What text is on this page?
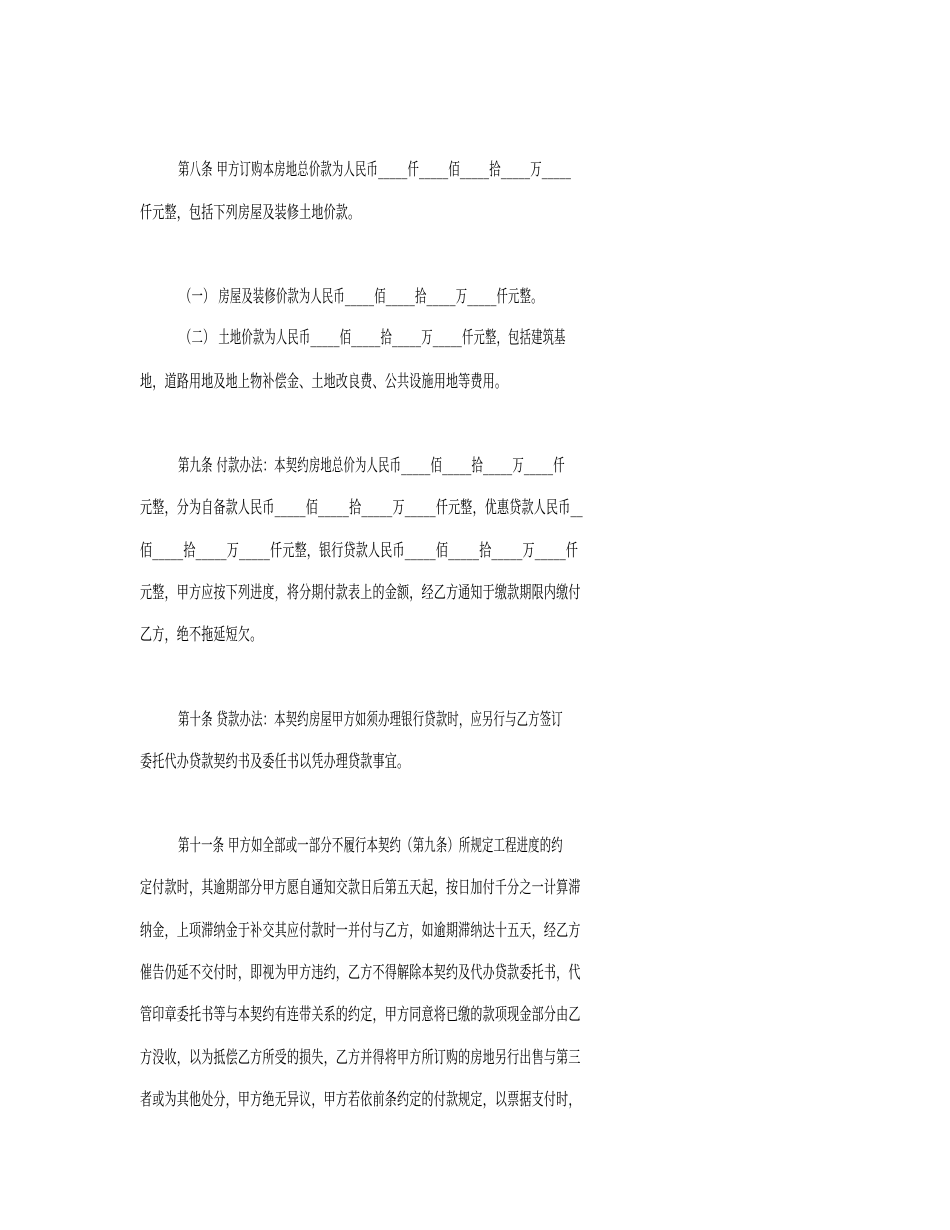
第八条 甲方订购本房地总价款为人民币_____仟_____佰_____拾_____万_____

仟元整，包括下列房屋及装修土地价款。

（一） 房屋及装修价款为人民币_____佰_____拾_____万_____仟元整。

（二） 土地价款为人民币_____佰_____拾_____万_____仟元整，包括建筑基

地，道路用地及地上物补偿金、土地改良费、公共设施用地等费用。

第九条 付款办法：本契约房地总价为人民币_____佰_____拾_____万_____仟

元整，分为自备款人民币_____佰_____拾_____万_____仟元整，优惠贷款人民币__

佰_____拾_____万_____仟元整，银行贷款人民币_____佰_____拾_____万_____仟

元整，甲方应按下列进度，将分期付款表上的金额，经乙方通知于缴款期限内缴付

乙方，绝不拖延短欠。

第十条 贷款办法：本契约房屋甲方如须办理银行贷款时，应另行与乙方签订

委托代办贷款契约书及委任书以凭办理贷款事宜。

第十一条 甲方如全部或一部分不履行本契约（第九条）所规定工程进度的约

定付款时，其逾期部分甲方愿自通知交款日后第五天起，按日加付千分之一计算滞

纳金，上项滞纳金于补交其应付款时一并付与乙方，如逾期滞纳达十五天，经乙方

催告仍延不交付时，即视为甲方违约，乙方不得解除本契约及代办贷款委托书，代

管印章委托书等与本契约有连带关系的约定，甲方同意将已缴的款项现金部分由乙

方没收，以为抵偿乙方所受的损失，乙方并得将甲方所订购的房地另行出售与第三

者或为其他处分，甲方绝无异议，甲方若依前条约定的付款规定，以票据支付时，
